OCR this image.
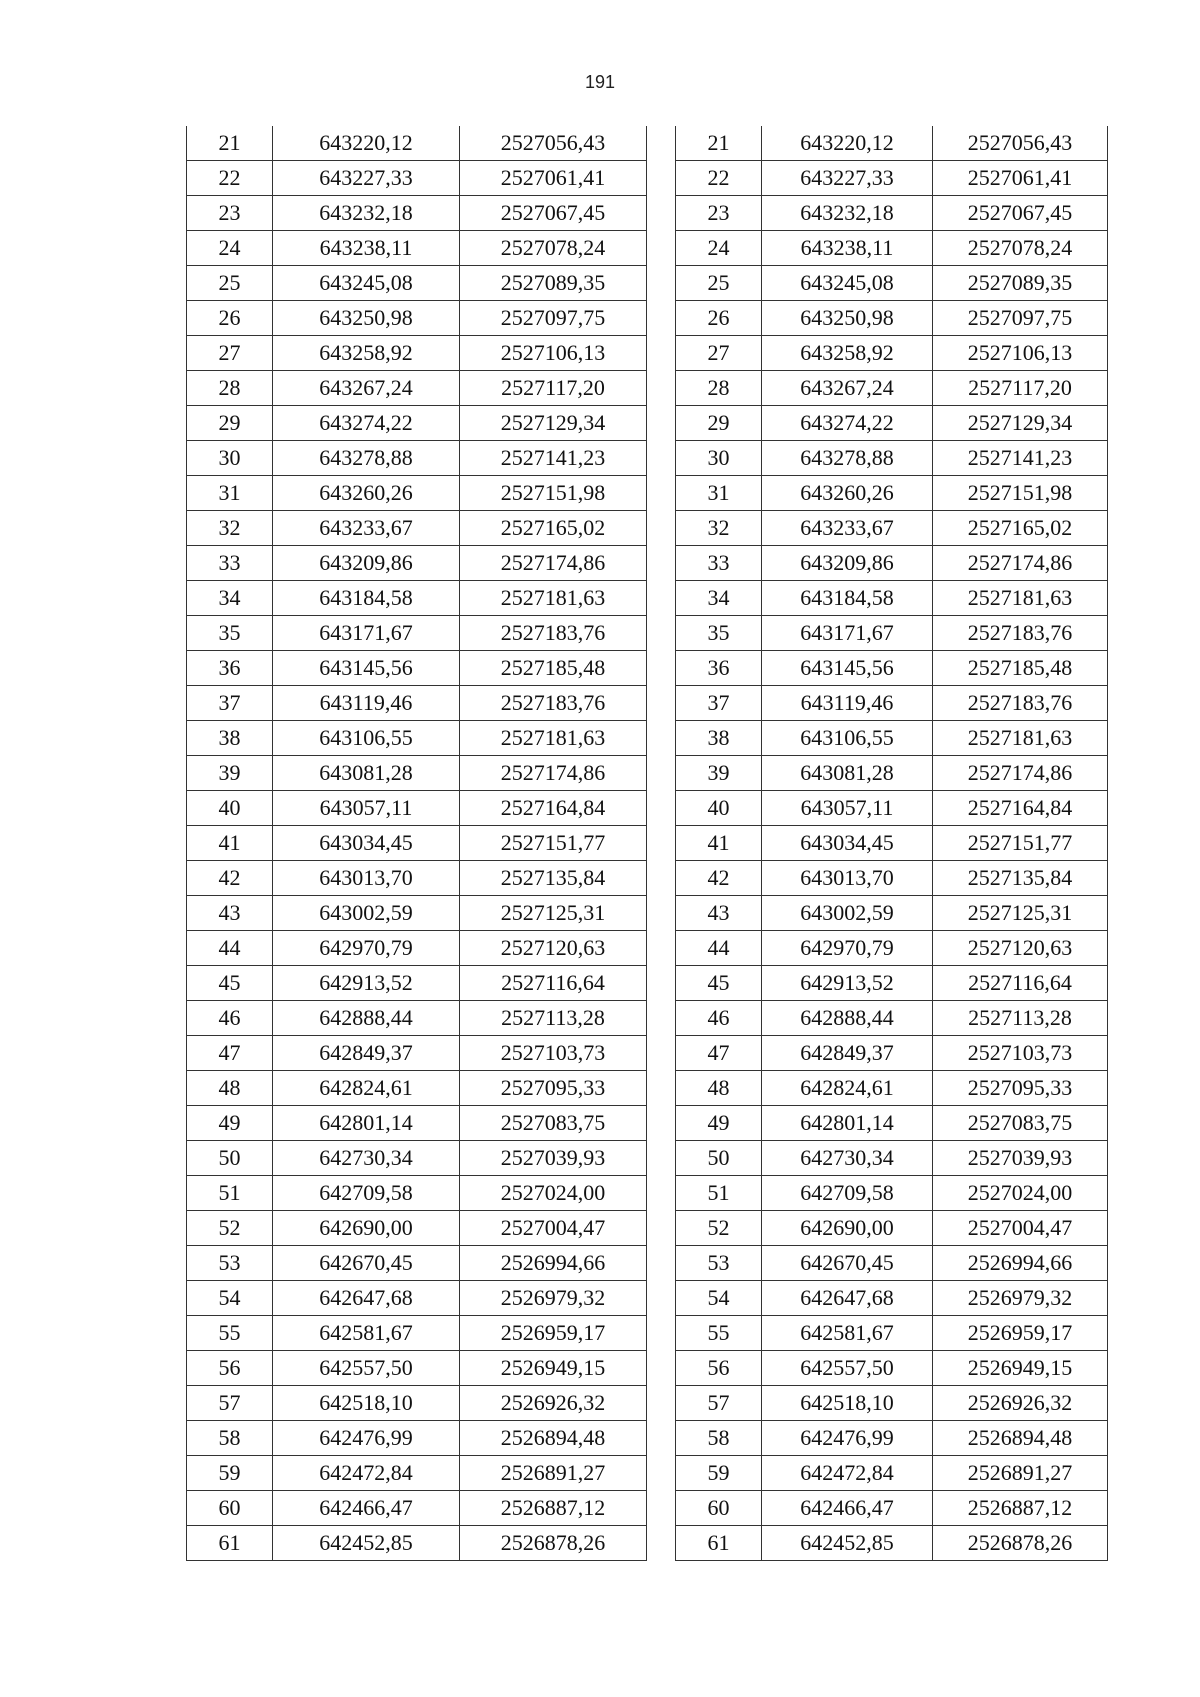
191
21	643220,12	2527056,43
22	643227,33	2527061,41
23	643232,18	2527067,45
24	643238,11	2527078,24
25	643245,08	2527089,35
26	643250,98	2527097,75
27	643258,92	2527106,13
28	643267,24	2527117,20
29	643274,22	2527129,34
30	643278,88	2527141,23
31	643260,26	2527151,98
32	643233,67	2527165,02
33	643209,86	2527174,86
34	643184,58	2527181,63
35	643171,67	2527183,76
36	643145,56	2527185,48
37	643119,46	2527183,76
38	643106,55	2527181,63
39	643081,28	2527174,86
40	643057,11	2527164,84
41	643034,45	2527151,77
42	643013,70	2527135,84
43	643002,59	2527125,31
44	642970,79	2527120,63
45	642913,52	2527116,64
46	642888,44	2527113,28
47	642849,37	2527103,73
48	642824,61	2527095,33
49	642801,14	2527083,75
50	642730,34	2527039,93
51	642709,58	2527024,00
52	642690,00	2527004,47
53	642670,45	2526994,66
54	642647,68	2526979,32
55	642581,67	2526959,17
56	642557,50	2526949,15
57	642518,10	2526926,32
58	642476,99	2526894,48
59	642472,84	2526891,27
60	642466,47	2526887,12
61	642452,85	2526878,26
21	643220,12	2527056,43
22	643227,33	2527061,41
23	643232,18	2527067,45
24	643238,11	2527078,24
25	643245,08	2527089,35
26	643250,98	2527097,75
27	643258,92	2527106,13
28	643267,24	2527117,20
29	643274,22	2527129,34
30	643278,88	2527141,23
31	643260,26	2527151,98
32	643233,67	2527165,02
33	643209,86	2527174,86
34	643184,58	2527181,63
35	643171,67	2527183,76
36	643145,56	2527185,48
37	643119,46	2527183,76
38	643106,55	2527181,63
39	643081,28	2527174,86
40	643057,11	2527164,84
41	643034,45	2527151,77
42	643013,70	2527135,84
43	643002,59	2527125,31
44	642970,79	2527120,63
45	642913,52	2527116,64
46	642888,44	2527113,28
47	642849,37	2527103,73
48	642824,61	2527095,33
49	642801,14	2527083,75
50	642730,34	2527039,93
51	642709,58	2527024,00
52	642690,00	2527004,47
53	642670,45	2526994,66
54	642647,68	2526979,32
55	642581,67	2526959,17
56	642557,50	2526949,15
57	642518,10	2526926,32
58	642476,99	2526894,48
59	642472,84	2526891,27
60	642466,47	2526887,12
61	642452,85	2526878,26
